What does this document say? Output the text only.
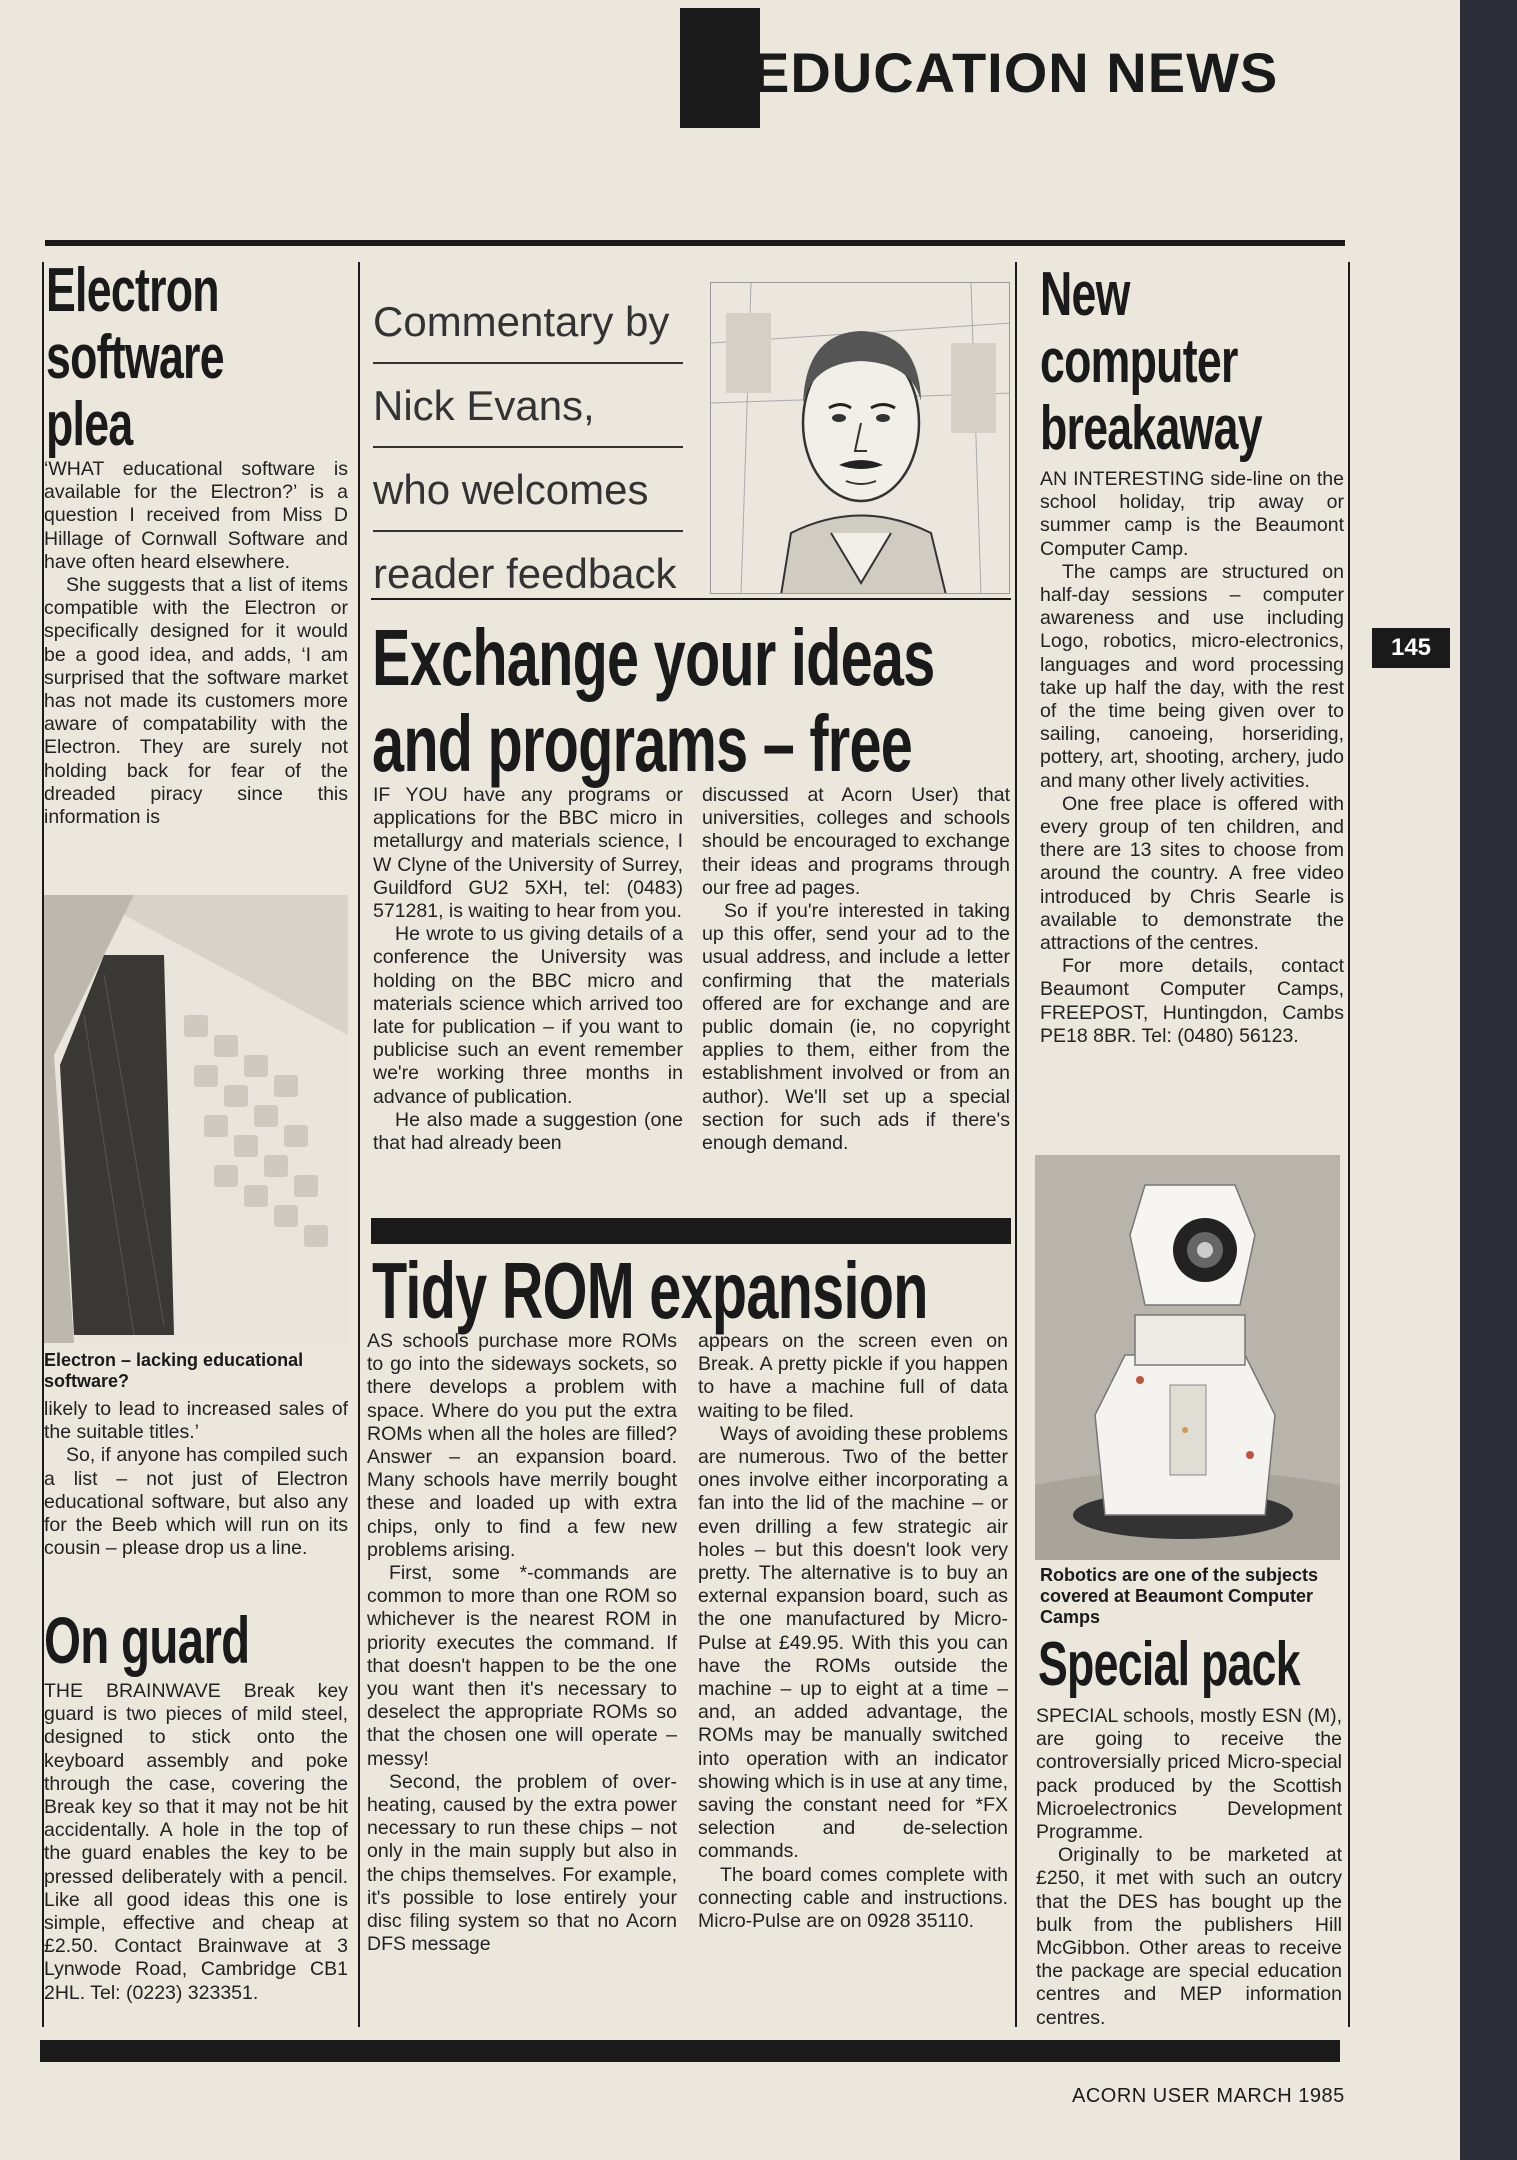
EDUCATION NEWS
Electron
software
plea

‘WHAT educational software is available for the Electron?’ is a question I received from Miss D Hillage of Cornwall Software and have often heard elsewhere.

She suggests that a list of items compatible with the Electron or specifically designed for it would be a good idea, and adds, ‘I am surprised that the software market has not made its customers more aware of compatability with the Electron. They are surely not holding back for fear of the dreaded piracy since this information is

Electron – lacking educational software?

likely to lead to increased sales of the suitable titles.’

So, if anyone has compiled such a list – not just of Electron educational software, but also any for the Beeb which will run on its cousin – please drop us a line.

On guard

THE BRAINWAVE Break key guard is two pieces of mild steel, designed to stick onto the keyboard assembly and poke through the case, covering the Break key so that it may not be hit accidentally. A hole in the top of the guard enables the key to be pressed deliberately with a pencil. Like all good ideas this one is simple, effective and cheap at £2.50. Contact Brainwave at 3 Lynwode Road, Cambridge CB1 2HL. Tel: (0223) 323351.

Commentary by
Nick Evans,
who welcomes
reader feedback
Exchange your ideas
and programs – free

IF YOU have any programs or applications for the BBC micro in metallurgy and materials science, I W Clyne of the University of Surrey, Guildford GU2 5XH, tel: (0483) 571281, is waiting to hear from you.

He wrote to us giving details of a conference the University was holding on the BBC micro and materials science which arrived too late for publication – if you want to publicise such an event remember we're working three months in advance of publication.

He also made a suggestion (one that had already been

discussed at Acorn User) that universities, colleges and schools should be encouraged to exchange their ideas and programs through our free ad pages.

So if you're interested in taking up this offer, send your ad to the usual address, and include a letter confirming that the materials offered are for exchange and are public domain (ie, no copyright applies to them, either from the establishment involved or from an author). We'll set up a special section for such ads if there's enough demand.

Tidy ROM expansion

AS schools purchase more ROMs to go into the sideways sockets, so there develops a problem with space. Where do you put the extra ROMs when all the holes are filled? Answer – an expansion board. Many schools have merrily bought these and loaded up with extra chips, only to find a few new problems arising.

First, some *-commands are common to more than one ROM so whichever is the nearest ROM in priority executes the command. If that doesn't happen to be the one you want then it's necessary to deselect the appropriate ROMs so that the chosen one will operate – messy!

Second, the problem of over-heating, caused by the extra power necessary to run these chips – not only in the main supply but also in the chips themselves. For example, it's possible to lose entirely your disc filing system so that no Acorn DFS message

appears on the screen even on Break. A pretty pickle if you happen to have a machine full of data waiting to be filed.

Ways of avoiding these problems are numerous. Two of the better ones involve either incorporating a fan into the lid of the machine – or even drilling a few strategic air holes – but this doesn't look very pretty. The alternative is to buy an external expansion board, such as the one manufactured by Micro-Pulse at £49.95. With this you can have the ROMs outside the machine – up to eight at a time – and, an added advantage, the ROMs may be manually switched into operation with an indicator showing which is in use at any time, saving the constant need for *FX selection and de-selection commands.

The board comes complete with connecting cable and instructions. Micro-Pulse are on 0928 35110.

New
computer
breakaway

AN INTERESTING side-line on the school holiday, trip away or summer camp is the Beaumont Computer Camp.

The camps are structured on half-day sessions – computer awareness and use including Logo, robotics, micro-electronics, languages and word processing take up half the day, with the rest of the time being given over to sailing, canoeing, horseriding, pottery, art, shooting, archery, judo and many other lively activities.

One free place is offered with every group of ten children, and there are 13 sites to choose from around the country. A free video introduced by Chris Searle is available to demonstrate the attractions of the centres.

For more details, contact Beaumont Computer Camps, FREEPOST, Huntingdon, Cambs PE18 8BR. Tel: (0480) 56123.

Robotics are one of the subjects covered at Beaumont Computer Camps
Special pack

SPECIAL schools, mostly ESN (M), are going to receive the controversially priced Micro-special pack produced by the Scottish Microelectronics Development Programme.

Originally to be marketed at £250, it met with such an outcry that the DES has bought up the bulk from the publishers Hill McGibbon. Other areas to receive the package are special education centres and MEP information centres.

ACORN USER MARCH 1985
145
